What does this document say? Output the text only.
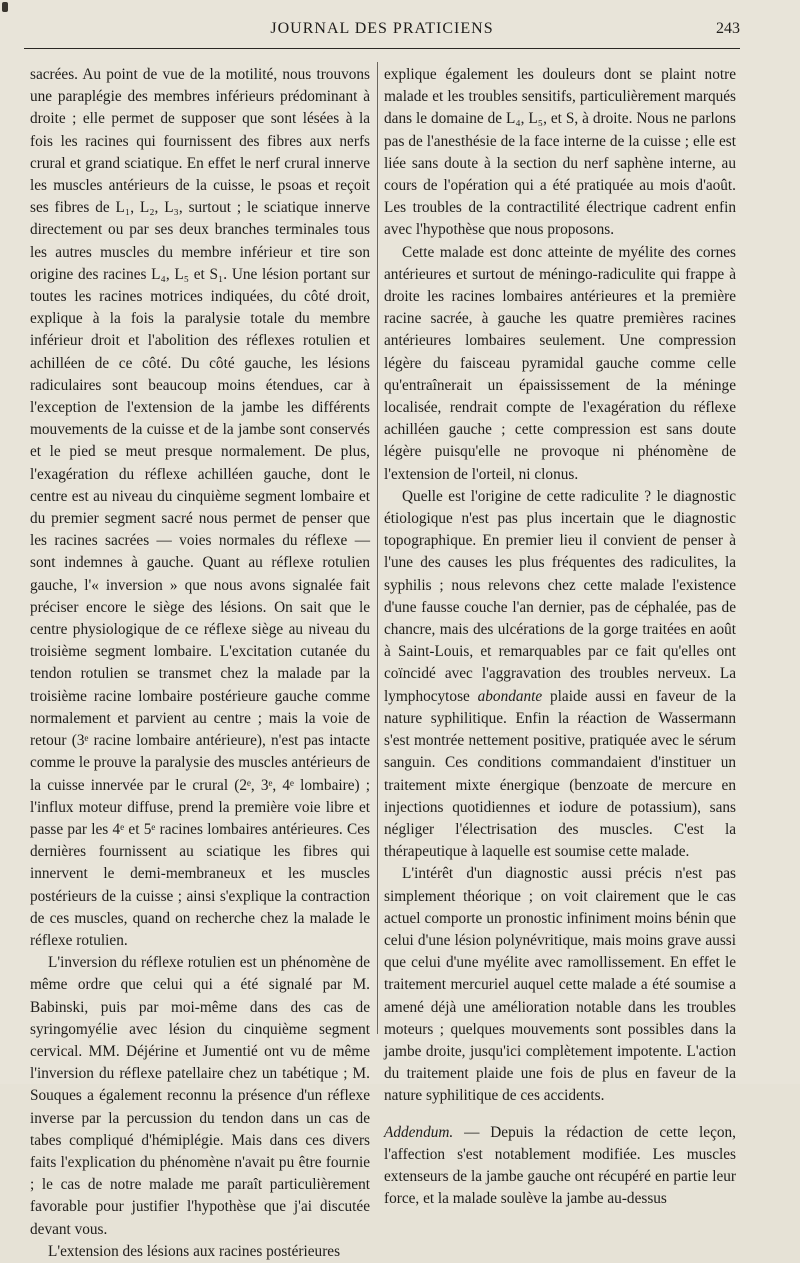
JOURNAL DES PRATICIENS	243

sacrées. Au point de vue de la motilité, nous trouvons une paraplégie des membres inférieurs prédominant à droite ; elle permet de supposer que sont lésées à la fois les racines qui fournissent des fibres aux nerfs crural et grand sciatique. En effet le nerf crural innerve les muscles antérieurs de la cuisse, le psoas et reçoit ses fibres de L₁, L₂, L₃, surtout ; le sciatique innerve directement ou par ses deux branches terminales tous les autres muscles du membre inférieur et tire son origine des racines L₄, L₅ et S₁. Une lésion portant sur toutes les racines motrices indiquées, du côté droit, explique à la fois la paralysie totale du membre inférieur droit et l'abolition des réflexes rotulien et achilléen de ce côté. Du côté gauche, les lésions radiculaires sont beaucoup moins étendues, car à l'exception de l'extension de la jambe les différents mouvements de la cuisse et de la jambe sont conservés et le pied se meut presque normalement. De plus, l'exagération du réflexe achilléen gauche, dont le centre est au niveau du cinquième segment lombaire et du premier segment sacré nous permet de penser que les racines sacrées — voies normales du réflexe — sont indemnes à gauche. Quant au réflexe rotulien gauche, l'« inversion » que nous avons signalée fait préciser encore le siège des lésions. On sait que le centre physiologique de ce réflexe siège au niveau du troisième segment lombaire. L'excitation cutanée du tendon rotulien se transmet chez la malade par la troisième racine lombaire postérieure gauche comme normalement et parvient au centre ; mais la voie de retour (3ᵉ racine lombaire antérieure), n'est pas intacte comme le prouve la paralysie des muscles antérieurs de la cuisse innervée par le crural (2ᵉ, 3ᵉ, 4ᵉ lombaire) ; l'influx moteur diffuse, prend la première voie libre et passe par les 4ᵉ et 5ᵉ racines lombaires antérieures. Ces dernières fournissent au sciatique les fibres qui innervent le demi-membraneux et les muscles postérieurs de la cuisse ; ainsi s'explique la contraction de ces muscles, quand on recherche chez la malade le réflexe rotulien.

L'inversion du réflexe rotulien est un phénomène de même ordre que celui qui a été signalé par M. Babinski, puis par moi-même dans des cas de syringomyélie avec lésion du cinquième segment cervical. MM. Déjérine et Jumentié ont vu de même l'inversion du réflexe patellaire chez un tabétique ; M. Souques a également reconnu la présence d'un réflexe inverse par la percussion du tendon dans un cas de tabes compliqué d'hémiplégie. Mais dans ces divers faits l'explication du phénomène n'avait pu être fournie ; le cas de notre malade me paraît particulièrement favorable pour justifier l'hypothèse que j'ai discutée devant vous.

L'extension des lésions aux racines postérieures

explique également les douleurs dont se plaint notre malade et les troubles sensitifs, particulièrement marqués dans le domaine de L₄, L₅, et S, à droite. Nous ne parlons pas de l'anesthésie de la face interne de la cuisse ; elle est liée sans doute à la section du nerf saphène interne, au cours de l'opération qui a été pratiquée au mois d'août. Les troubles de la contractilité électrique cadrent enfin avec l'hypothèse que nous proposons.

Cette malade est donc atteinte de myélite des cornes antérieures et surtout de méningo-radiculite qui frappe à droite les racines lombaires antérieures et la première racine sacrée, à gauche les quatre premières racines antérieures lombaires seulement. Une compression légère du faisceau pyramidal gauche comme celle qu'entraînerait un épaississement de la méninge localisée, rendrait compte de l'exagération du réflexe achilléen gauche ; cette compression est sans doute légère puisqu'elle ne provoque ni phénomène de l'extension de l'orteil, ni clonus.

Quelle est l'origine de cette radiculite ? le diagnostic étiologique n'est pas plus incertain que le diagnostic topographique. En premier lieu il convient de penser à l'une des causes les plus fréquentes des radiculites, la syphilis ; nous relevons chez cette malade l'existence d'une fausse couche l'an dernier, pas de céphalée, pas de chancre, mais des ulcérations de la gorge traitées en août à Saint-Louis, et remarquables par ce fait qu'elles ont coïncidé avec l'aggravation des troubles nerveux. La lymphocytose abondante plaide aussi en faveur de la nature syphilitique. Enfin la réaction de Wassermann s'est montrée nettement positive, pratiquée avec le sérum sanguin. Ces conditions commandaient d'instituer un traitement mixte énergique (benzoate de mercure en injections quotidiennes et iodure de potassium), sans négliger l'électrisation des muscles. C'est la thérapeutique à laquelle est soumise cette malade.

L'intérêt d'un diagnostic aussi précis n'est pas simplement théorique ; on voit clairement que le cas actuel comporte un pronostic infiniment moins bénin que celui d'une lésion polynévritique, mais moins grave aussi que celui d'une myélite avec ramollissement. En effet le traitement mercuriel auquel cette malade a été soumise a amené déjà une amélioration notable dans les troubles moteurs ; quelques mouvements sont possibles dans la jambe droite, jusqu'ici complètement impotente. L'action du traitement plaide une fois de plus en faveur de la nature syphilitique de ces accidents.

Addendum. — Depuis la rédaction de cette leçon, l'affection s'est notablement modifiée. Les muscles extenseurs de la jambe gauche ont récupéré en partie leur force, et la malade soulève la jambe au-dessus
